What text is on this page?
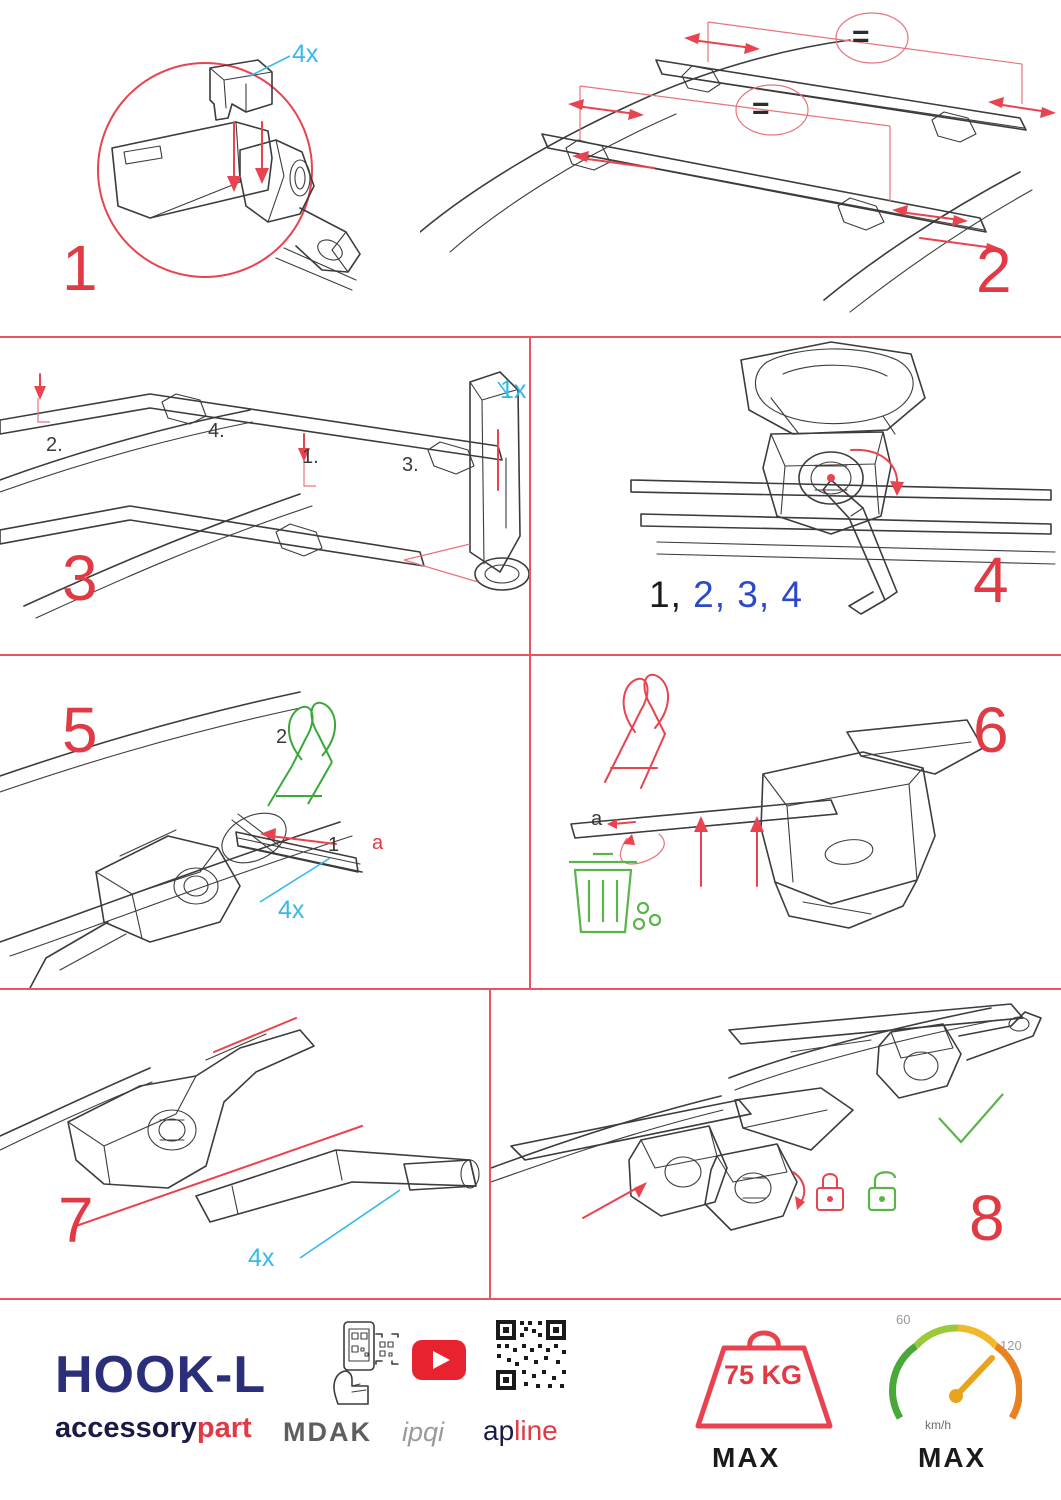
4x
1
=
=
2
2.
4.
1.	3.
1x
3	1, 2, 3, 4	4
2
1 a
4x
5
a
6
4x
7	8
HOOK-L
accessorypart MDAK ipqi apline
75 KG
MAX
60
120
km/h
MAX
